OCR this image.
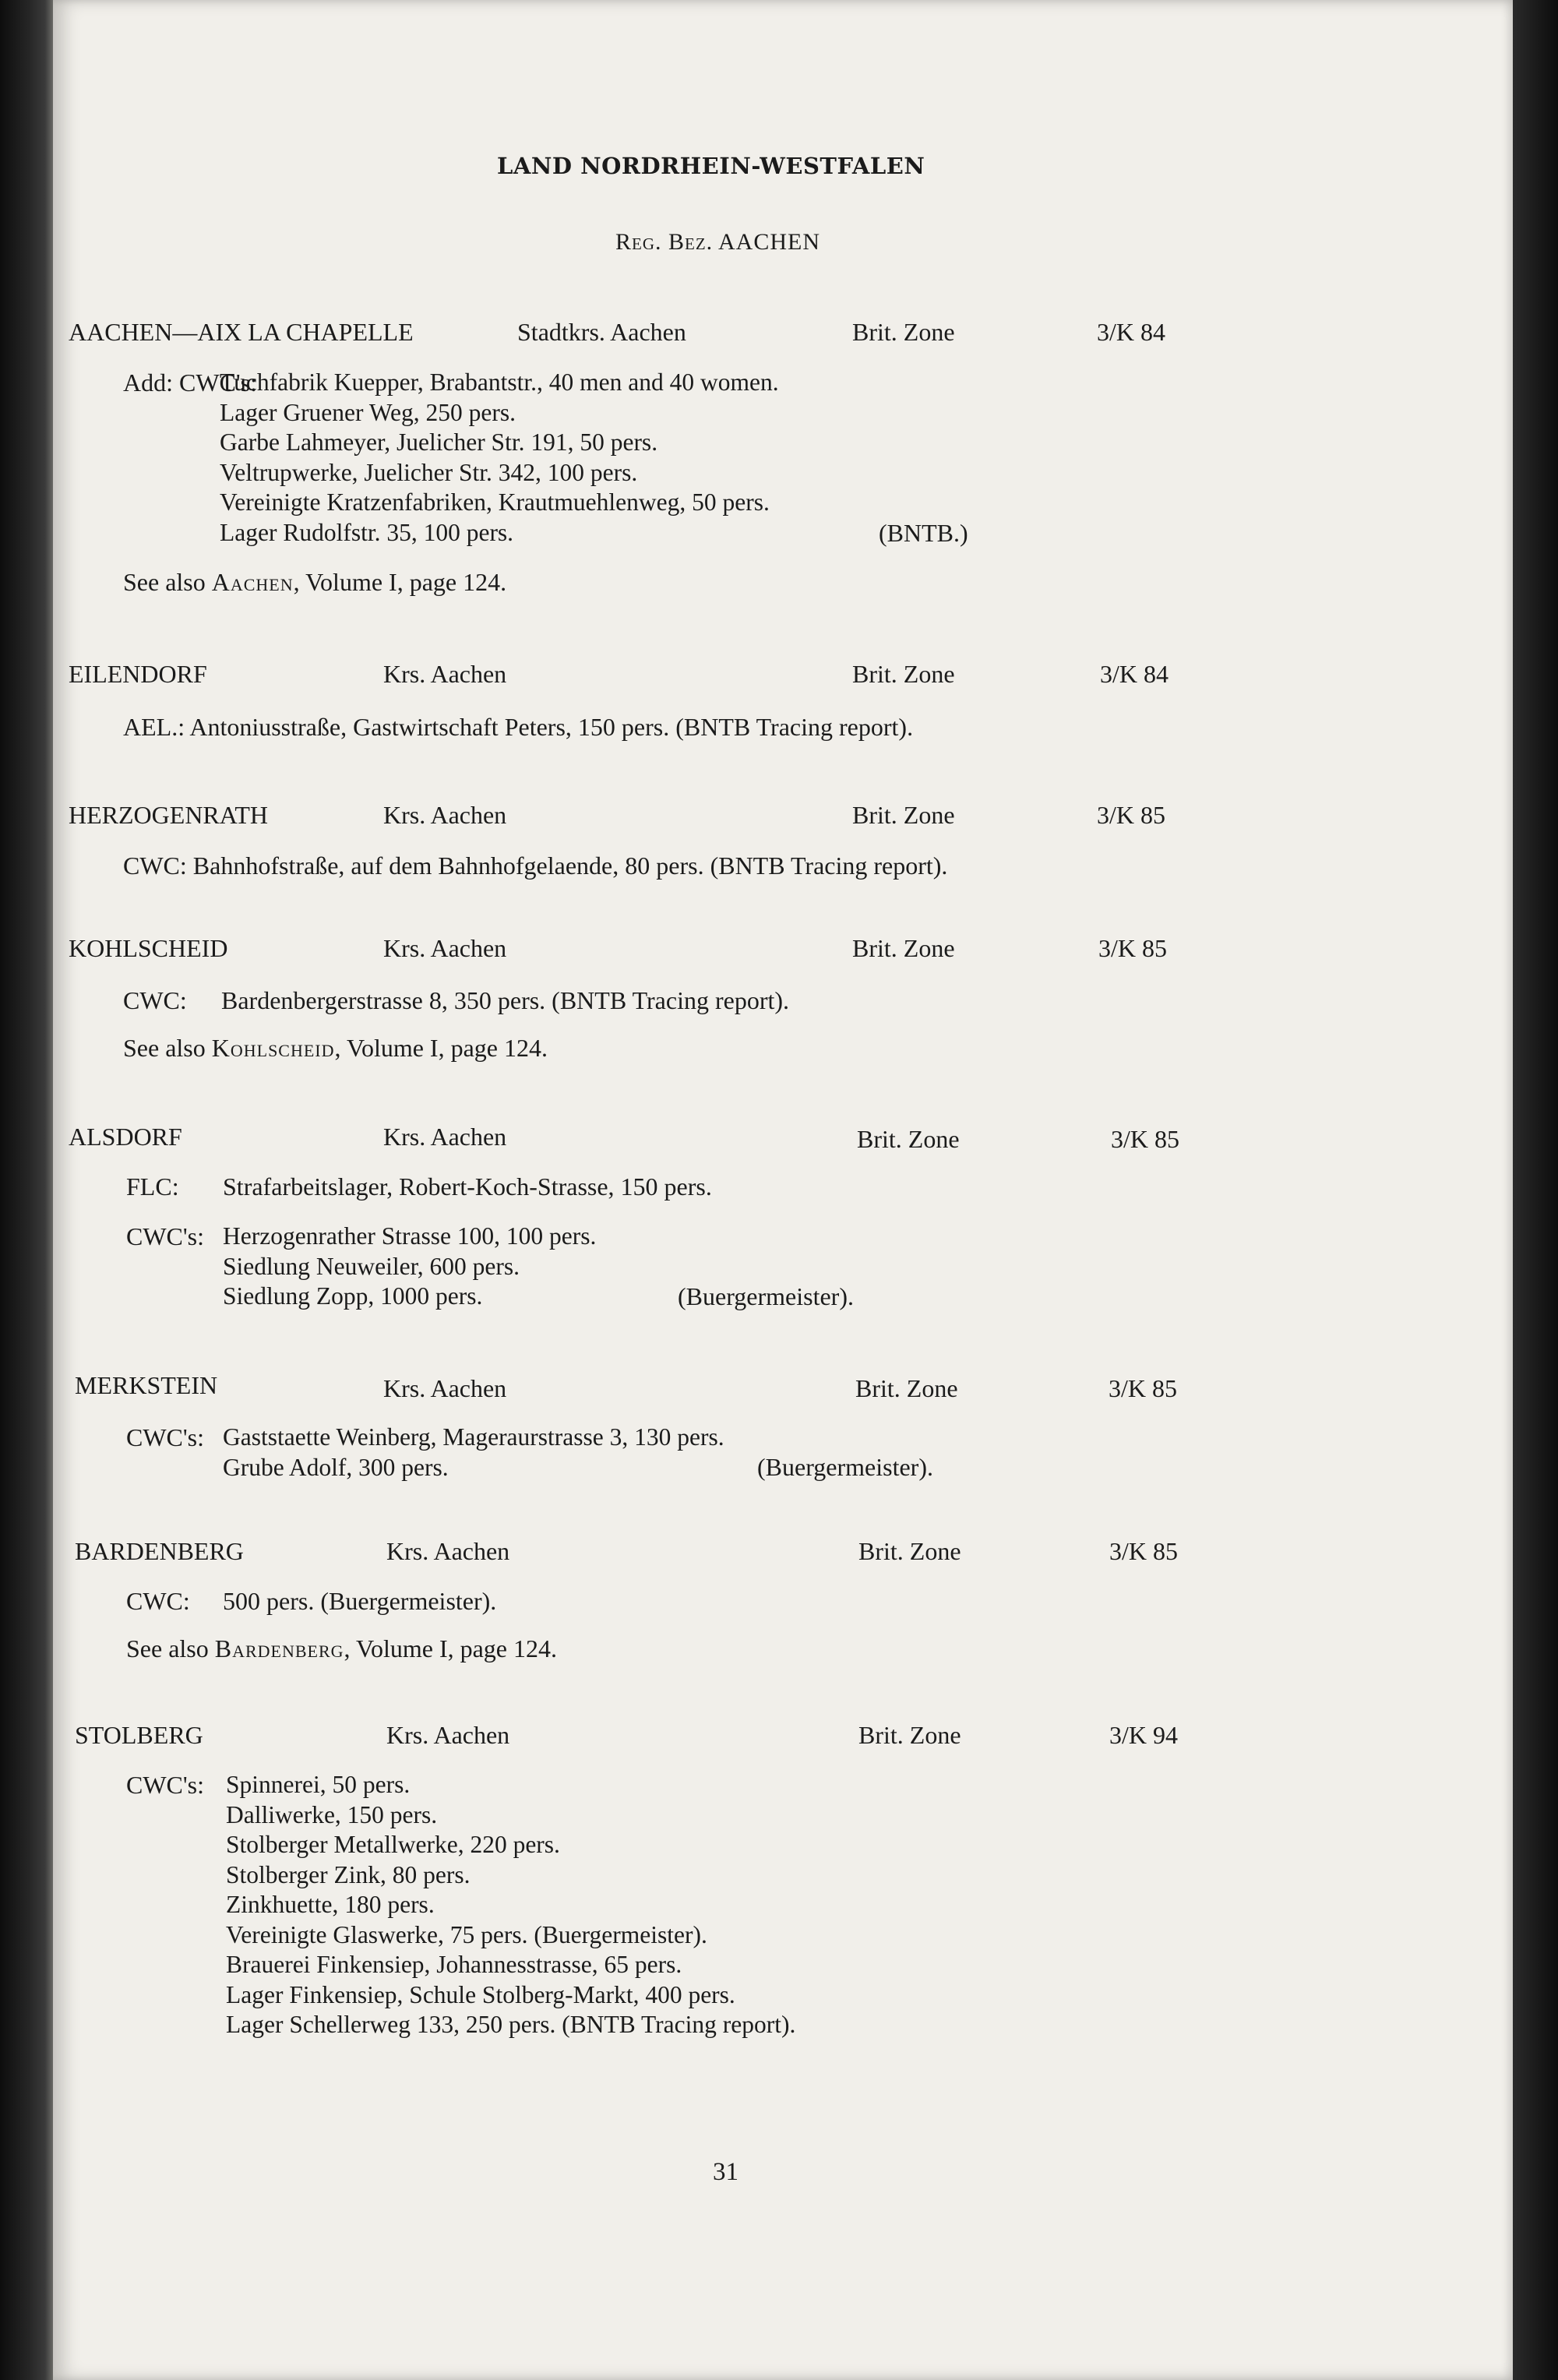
LAND NORDRHEIN-WESTFALEN
Reg. Bez. AACHEN
AACHEN—AIX LA CHAPELLE	Stadtkrs. Aachen	Brit. Zone	3/K 84
Add: CWC's:
Tuchfabrik Kuepper, Brabantstr., 40 men and 40 women.
Lager Gruener Weg, 250 pers.
Garbe Lahmeyer, Juelicher Str. 191, 50 pers.
Veltrupwerke, Juelicher Str. 342, 100 pers.
Vereinigte Kratzenfabriken, Krautmuehlenweg, 50 pers.
Lager Rudolfstr. 35, 100 pers.	(BNTB.)
See also Aachen, Volume I, page 124.
EILENDORF	Krs. Aachen	Brit. Zone	3/K 84
AEL.: Antoniusstraße, Gastwirtschaft Peters, 150 pers. (BNTB Tracing report).
HERZOGENRATH	Krs. Aachen	Brit. Zone	3/K 85
CWC: Bahnhofstraße, auf dem Bahnhofgelaende, 80 pers. (BNTB Tracing report).
KOHLSCHEID	Krs. Aachen	Brit. Zone	3/K 85
CWC: Bardenbergerstrasse 8, 350 pers. (BNTB Tracing report).
See also Kohlscheid, Volume I, page 124.
ALSDORF	Krs. Aachen	Brit. Zone	3/K 85
FLC: Strafarbeitslager, Robert-Koch-Strasse, 150 pers.
CWC's: Herzogenrather Strasse 100, 100 pers.
Siedlung Neuweiler, 600 pers.
Siedlung Zopp, 1000 pers.	(Buergermeister).
MERKSTEIN	Krs. Aachen	Brit. Zone	3/K 85
CWC's: Gaststaette Weinberg, Mageraurstrasse 3, 130 pers.
Grube Adolf, 300 pers.	(Buergermeister).
BARDENBERG	Krs. Aachen	Brit. Zone	3/K 85
CWC: 500 pers. (Buergermeister).
See also Bardenberg, Volume I, page 124.
STOLBERG	Krs. Aachen	Brit. Zone	3/K 94
CWC's: Spinnerei, 50 pers.
Dalliwerke, 150 pers.
Stolberger Metallwerke, 220 pers.
Stolberger Zink, 80 pers.
Zinkhuette, 180 pers.
Vereinigte Glaswerke, 75 pers. (Buergermeister).
Brauerei Finkensiep, Johannesstrasse, 65 pers.
Lager Finkensiep, Schule Stolberg-Markt, 400 pers.
Lager Schellerweg 133, 250 pers. (BNTB Tracing report).
31
